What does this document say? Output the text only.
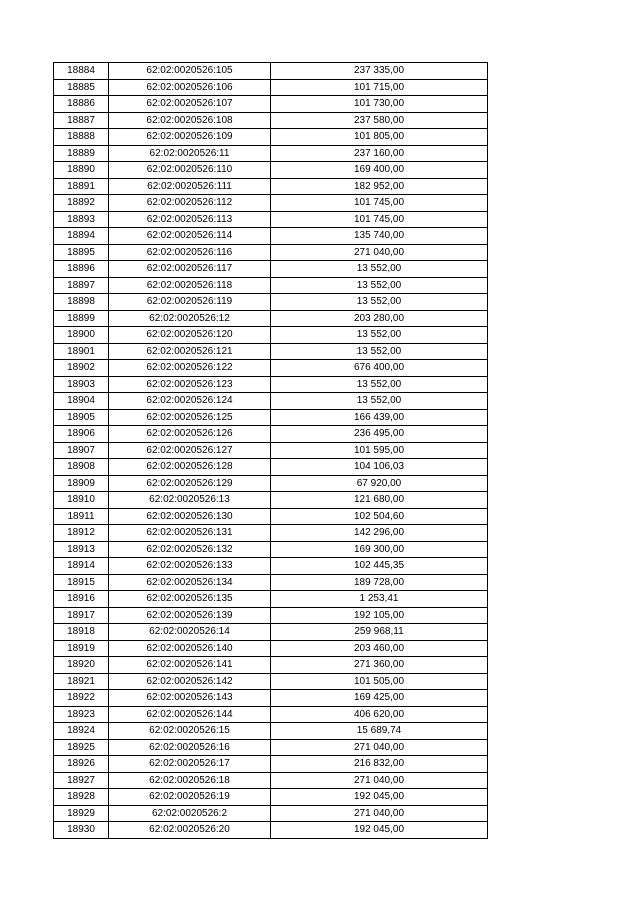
18884	62:02:0020526:105	237 335,00
18885	62:02:0020526:106	101 715,00
18886	62:02:0020526:107	101 730,00
18887	62:02:0020526:108	237 580,00
18888	62:02:0020526:109	101 805,00
18889	62:02:0020526:11	237 160,00
18890	62:02:0020526:110	169 400,00
18891	62:02:0020526:111	182 952,00
18892	62:02:0020526:112	101 745,00
18893	62:02:0020526:113	101 745,00
18894	62:02:0020526:114	135 740,00
18895	62:02:0020526:116	271 040,00
18896	62:02:0020526:117	13 552,00
18897	62:02:0020526:118	13 552,00
18898	62:02:0020526:119	13 552,00
18899	62:02:0020526:12	203 280,00
18900	62:02:0020526:120	13 552,00
18901	62:02:0020526:121	13 552,00
18902	62:02:0020526:122	676 400,00
18903	62:02:0020526:123	13 552,00
18904	62:02:0020526:124	13 552,00
18905	62:02:0020526:125	166 439,00
18906	62:02:0020526:126	236 495,00
18907	62:02:0020526:127	101 595,00
18908	62:02:0020526:128	104 106,03
18909	62:02:0020526:129	67 920,00
18910	62:02:0020526:13	121 680,00
18911	62:02:0020526:130	102 504,60
18912	62:02:0020526:131	142 296,00
18913	62:02:0020526:132	169 300,00
18914	62:02:0020526:133	102 445,35
18915	62:02:0020526:134	189 728,00
18916	62:02:0020526:135	1 253,41
18917	62:02:0020526:139	192 105,00
18918	62:02:0020526:14	259 968,11
18919	62:02:0020526:140	203 460,00
18920	62:02:0020526:141	271 360,00
18921	62:02:0020526:142	101 505,00
18922	62:02:0020526:143	169 425,00
18923	62:02:0020526:144	406 620,00
18924	62:02:0020526:15	15 689,74
18925	62:02:0020526:16	271 040,00
18926	62:02:0020526:17	216 832,00
18927	62:02:0020526:18	271 040,00
18928	62:02:0020526:19	192 045,00
18929	62:02:0020526:2	271 040,00
18930	62:02:0020526:20	192 045,00
